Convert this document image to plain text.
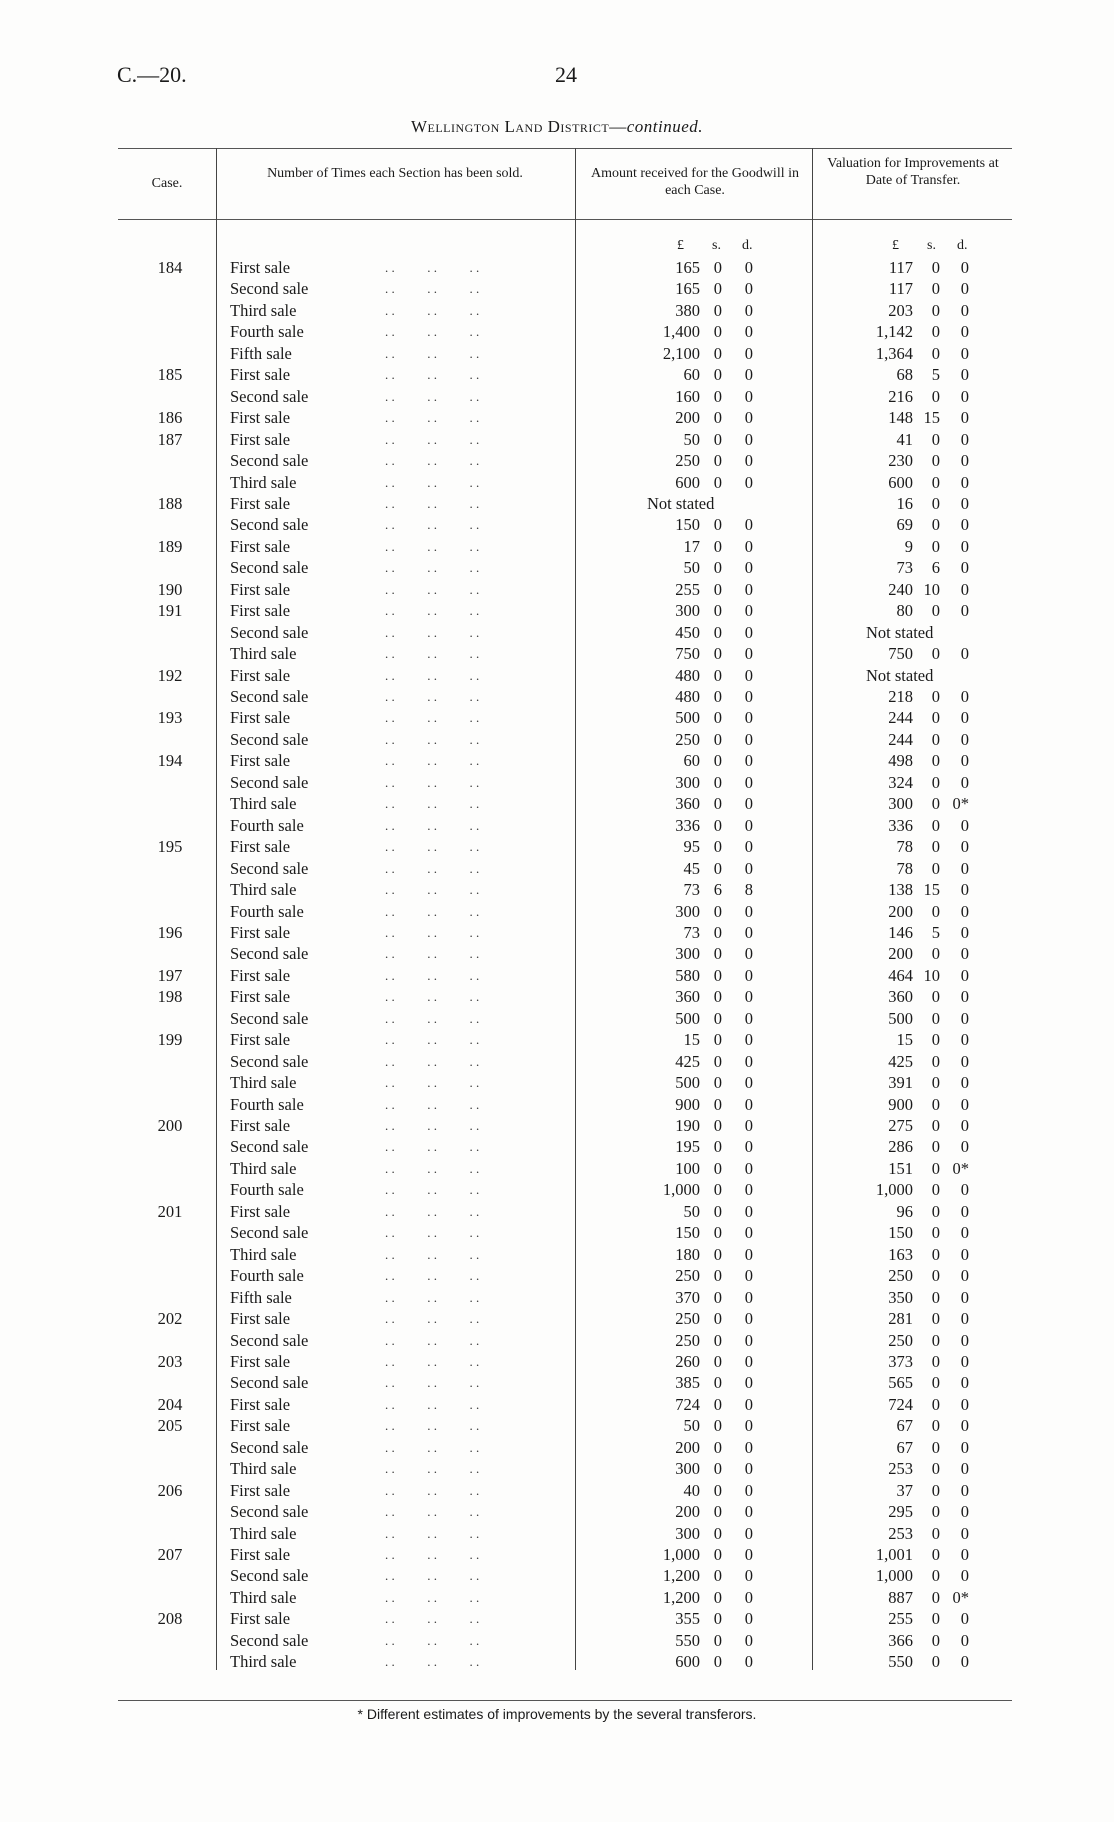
C.—20.	24
Wellington Land District—continued.
Case.
Number of Times each Section has been sold.	Amount received for the Goodwill in each Case.
Valuation for Improvements at Date of Transfer.
£ s. d.	£ s. d.
184	First sale	. .          . .          . .	165 0 0	117 0 0
Second sale	. .          . .          . .	165 0 0	117 0 0
Third sale	. .          . .          . .	380 0 0	203 0 0
Fourth sale	. .          . .          . .	1,400 0 0	1,142 0 0
Fifth sale	. .          . .          . .	2,100 0 0	1,364 0 0
185	First sale	. .          . .          . .	60 0 0	68 5 0
Second sale	. .          . .          . .	160 0 0	216 0 0
186	First sale	. .          . .          . .	200 0 0	148 15 0
187	First sale	. .          . .          . .	50 0 0	41 0 0
Second sale	. .          . .          . .	250 0 0	230 0 0
Third sale	. .          . .          . .	600 0 0	600 0 0
188	First sale	. .          . .          . .	Not stated	16 0 0
Second sale	. .          . .          . .	150 0 0	69 0 0
189	First sale	. .          . .          . .	17 0 0	9 0 0
Second sale	. .          . .          . .	50 0 0	73 6 0
190	First sale	. .          . .          . .	255 0 0	240 10 0
191	First sale	. .          . .          . .	300 0 0	80 0 0
Second sale	. .          . .          . .	450 0 0	Not stated
Third sale	. .          . .          . .	750 0 0	750 0 0
192	First sale	. .          . .          . .	480 0 0	Not stated
Second sale	. .          . .          . .	480 0 0	218 0 0
193	First sale	. .          . .          . .	500 0 0	244 0 0
Second sale	. .          . .          . .	250 0 0	244 0 0
194	First sale	. .          . .          . .	60 0 0	498 0 0
Second sale	. .          . .          . .	300 0 0	324 0 0
Third sale	. .          . .          . .	360 0 0	300 0 0*
Fourth sale	. .          . .          . .	336 0 0	336 0 0
195	First sale	. .          . .          . .	95 0 0	78 0 0
Second sale	. .          . .          . .	45 0 0	78 0 0
Third sale	. .          . .          . .	73 6 8	138 15 0
Fourth sale	. .          . .          . .	300 0 0	200 0 0
196	First sale	. .          . .          . .	73 0 0	146 5 0
Second sale	. .          . .          . .	300 0 0	200 0 0
197	First sale	. .          . .          . .	580 0 0	464 10 0
198	First sale	. .          . .          . .	360 0 0	360 0 0
Second sale	. .          . .          . .	500 0 0	500 0 0
199	First sale	. .          . .          . .	15 0 0	15 0 0
Second sale	. .          . .          . .	425 0 0	425 0 0
Third sale	. .          . .          . .	500 0 0	391 0 0
Fourth sale	. .          . .          . .	900 0 0	900 0 0
200	First sale	. .          . .          . .	190 0 0	275 0 0
Second sale	. .          . .          . .	195 0 0	286 0 0
Third sale	. .          . .          . .	100 0 0	151 0 0*
Fourth sale	. .          . .          . .	1,000 0 0	1,000 0 0
201	First sale	. .          . .          . .	50 0 0	96 0 0
Second sale	. .          . .          . .	150 0 0	150 0 0
Third sale	. .          . .          . .	180 0 0	163 0 0
Fourth sale	. .          . .          . .	250 0 0	250 0 0
Fifth sale	. .          . .          . .	370 0 0	350 0 0
202	First sale	. .          . .          . .	250 0 0	281 0 0
Second sale	. .          . .          . .	250 0 0	250 0 0
203	First sale	. .          . .          . .	260 0 0	373 0 0
Second sale	. .          . .          . .	385 0 0	565 0 0
204	First sale	. .          . .          . .	724 0 0	724 0 0
205	First sale	. .          . .          . .	50 0 0	67 0 0
Second sale	. .          . .          . .	200 0 0	67 0 0
Third sale	. .          . .          . .	300 0 0	253 0 0
206	First sale	. .          . .          . .	40 0 0	37 0 0
Second sale	. .          . .          . .	200 0 0	295 0 0
Third sale	. .          . .          . .	300 0 0	253 0 0
207	First sale	. .          . .          . .	1,000 0 0	1,001 0 0
Second sale	. .          . .          . .	1,200 0 0	1,000 0 0
Third sale	. .          . .          . .	1,200 0 0	887 0 0*
208	First sale	. .          . .          . .	355 0 0	255 0 0
Second sale	. .          . .          . .	550 0 0	366 0 0
Third sale	. .          . .          . .	600 0 0	550 0 0
* Different estimates of improvements by the several transferors.
